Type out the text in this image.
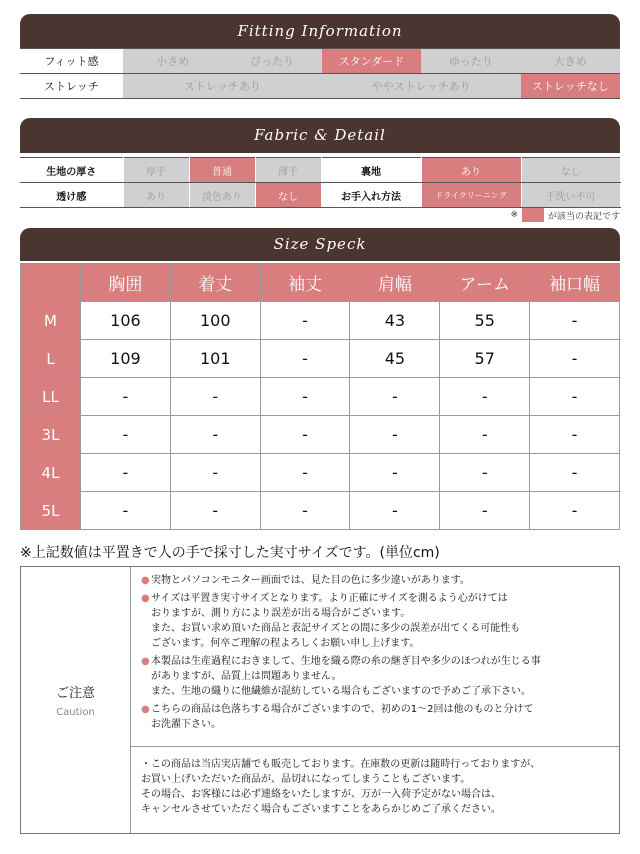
Fitting Information
フィット感	小さめ	ぴったり	スタンダード	ゆったり	大きめ
ストレッチ	ストレッチあり		ややストレッチあり		ストレッチなし
Fabric & Detail
生地の厚さ	厚手	普通	薄手	裏地	あり	なし
透け感	あり	淡色あり	なし	お手入れ方法	ドライクリーニング	手洗い不可
※	が該当の表記です
Size Speck
	胸囲	着丈	袖丈	肩幅	アーム	袖口幅
M	106	100	-	43	55	-
L	109	101	-	45	57	-
LL	-	-	-	-	-	-
3L	-	-	-	-	-	-
4L	-	-	-	-	-	-
5L	-	-	-	-	-	-
※上記数値は平置きで人の手で採寸した実寸サイズです。(単位cm)
ご注意
Caution
● 実物とパソコンモニター画面では、見た目の色に多少違いがあります。
● サイズは平置き実寸サイズとなります。より正確にサイズを測るよう心がけては
おりますが、測り方により誤差が出る場合がございます。
また、お買い求め頂いた商品と表記サイズとの間に多少の誤差が出てくる可能性も
ございます。何卒ご理解の程よろしくお願い申し上げます。
● 本製品は生産過程におきまして、生地を織る際の糸の継ぎ目や多少のほつれが生じる事
がありますが、品質上は問題ありません。
また、生地の織りに他繊維が混紡している場合もございますので予めご了承下さい。
● こちらの商品は色落ちする場合がございますので、初めの1〜2回は他のものと分けて
お洗濯下さい。
・この商品は当店実店舗でも販売しております。在庫数の更新は随時行っておりますが、
お買い上げいただいた商品が、品切れになってしまうこともございます。
その場合、お客様には必ず連絡をいたしますが、万が一入荷予定がない場合は、
キャンセルさせていただく場合もございますことをあらかじめご了承ください。
